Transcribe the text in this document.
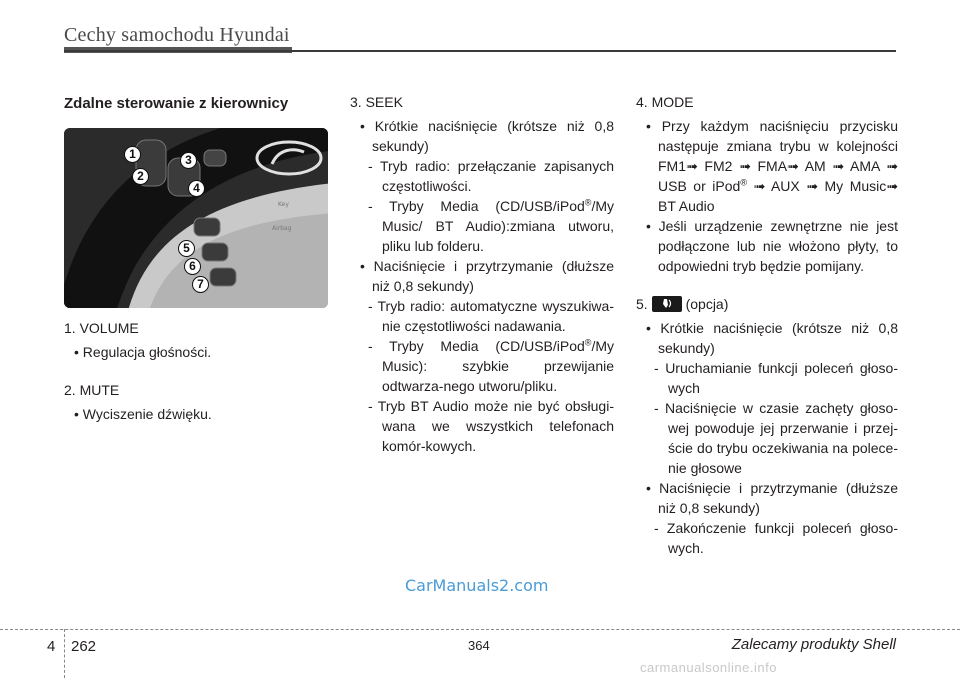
Cechy samochodu Hyundai

Zdalne sterowanie z kierownicy

Key
Airbag
1
2
3
4
5
6
7

1. VOLUME

• Regulacja głośności.

2. MUTE

• Wyciszenie dźwięku.

3. SEEK

• Krótkie naciśnięcie (krótsze niż 0,8 sekundy)

- Tryb radio: przełączanie zapisanych częstotliwości.

- Tryby Media (CD/USB/iPod®/My Music/ BT Audio):zmiana utworu, pliku lub folderu.

• Naciśnięcie i przytrzymanie (dłuższe niż 0,8 sekundy)

- Tryb radio: automatyczne wyszukiwa-nie częstotliwości nadawania.

- Tryby Media (CD/USB/iPod®/My Music): szybkie przewijanie odtwarza-nego utworu/pliku.

- Tryb BT Audio może nie być obsługi-wana we wszystkich telefonach komór-kowych.

4. MODE

• Przy każdym naciśnięciu przycisku następuje zmiana trybu w kolejności FM1➟ FM2 ➟ FMA➟ AM ➟ AMA ➟ USB or iPod® ➟ AUX ➟ My Music➟ BT Audio

• Jeśli urządzenie zewnętrzne nie jest podłączone lub nie włożono płyty, to odpowiedni tryb będzie pomijany.

5.	(opcja)

• Krótkie naciśnięcie (krótsze niż 0,8 sekundy)

- Uruchamianie funkcji poleceń głoso-wych

- Naciśnięcie w czasie zachęty głoso-wej powoduje jej przerwanie i przej-ście do trybu oczekiwania na polece-nie głosowe

• Naciśnięcie i przytrzymanie (dłuższe niż 0,8 sekundy)

- Zakończenie funkcji poleceń głoso-wych.

CarManuals2.com
4 262	364	Zalecamy produkty Shell
carmanualsonline.info
